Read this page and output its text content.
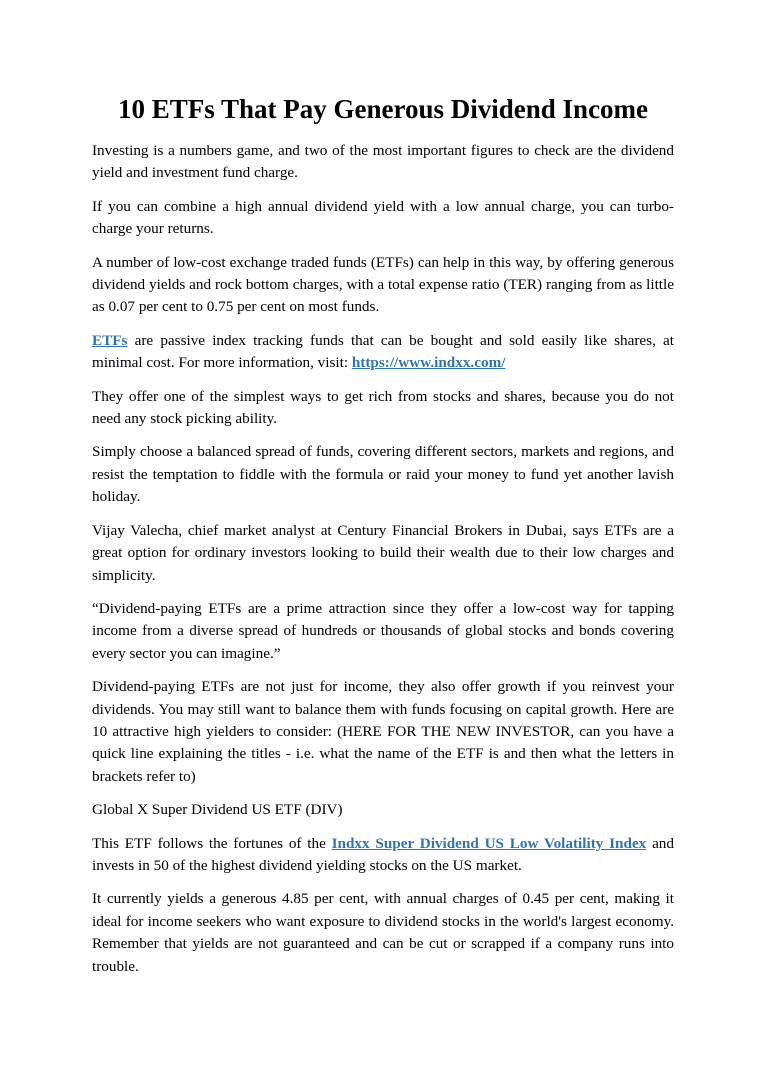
10 ETFs That Pay Generous Dividend Income

Investing is a numbers game, and two of the most important figures to check are the dividend yield and investment fund charge.

If you can combine a high annual dividend yield with a low annual charge, you can turbo-charge your returns.

A number of low-cost exchange traded funds (ETFs) can help in this way, by offering generous dividend yields and rock bottom charges, with a total expense ratio (TER) ranging from as little as 0.07 per cent to 0.75 per cent on most funds.

ETFs are passive index tracking funds that can be bought and sold easily like shares, at minimal cost. For more information, visit: https://www.indxx.com/

They offer one of the simplest ways to get rich from stocks and shares, because you do not need any stock picking ability.

Simply choose a balanced spread of funds, covering different sectors, markets and regions, and resist the temptation to fiddle with the formula or raid your money to fund yet another lavish holiday.

Vijay Valecha, chief market analyst at Century Financial Brokers in Dubai, says ETFs are a great option for ordinary investors looking to build their wealth due to their low charges and simplicity.

“Dividend-paying ETFs are a prime attraction since they offer a low-cost way for tapping income from a diverse spread of hundreds or thousands of global stocks and bonds covering every sector you can imagine.”

Dividend-paying ETFs are not just for income, they also offer growth if you reinvest your dividends. You may still want to balance them with funds focusing on capital growth. Here are 10 attractive high yielders to consider: (HERE FOR THE NEW INVESTOR, can you have a quick line explaining the titles - i.e. what the name of the ETF is and then what the letters in brackets refer to)

Global X Super Dividend US ETF (DIV)

This ETF follows the fortunes of the Indxx Super Dividend US Low Volatility Index and invests in 50 of the highest dividend yielding stocks on the US market.

It currently yields a generous 4.85 per cent, with annual charges of 0.45 per cent, making it ideal for income seekers who want exposure to dividend stocks in the world's largest economy. Remember that yields are not guaranteed and can be cut or scrapped if a company runs into trouble.
